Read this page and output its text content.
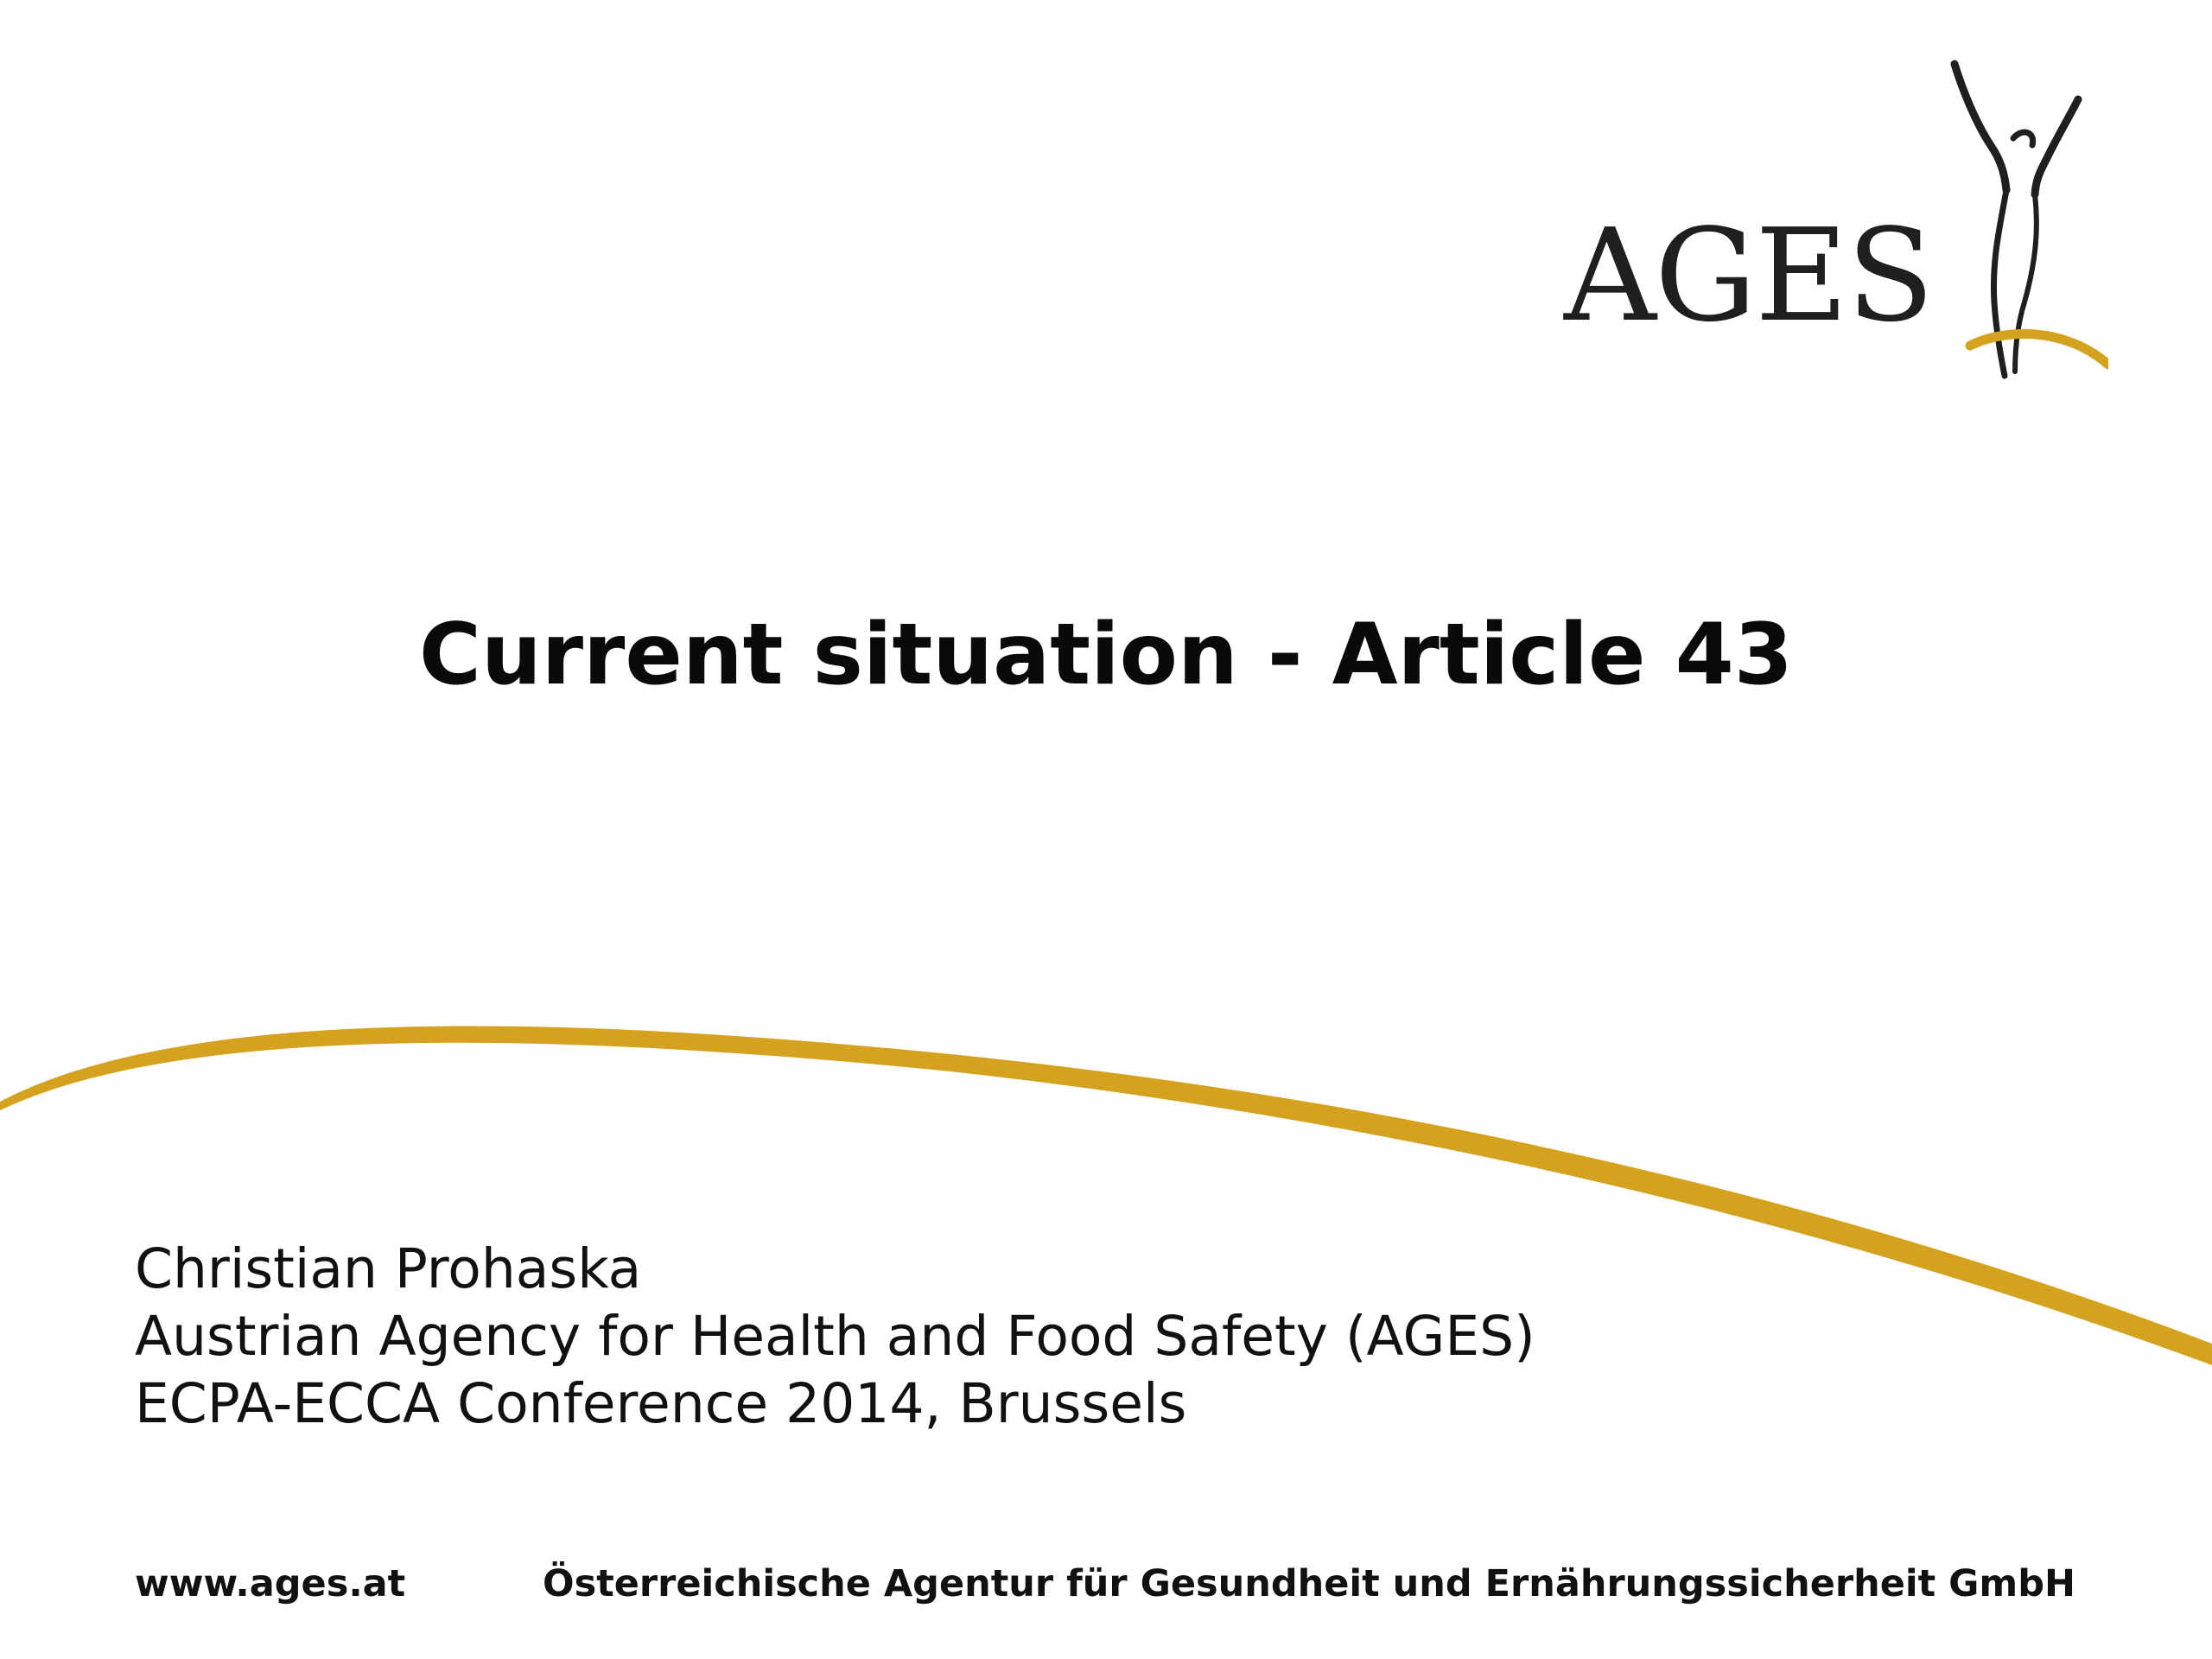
AGES
Current situation - Article 43
Christian Prohaska
Austrian Agency for Health and Food Safety (AGES)
ECPA-ECCA Conference 2014, Brussels
www.ages.at	Österreichische Agentur für Gesundheit und Ernährungssicherheit GmbH
